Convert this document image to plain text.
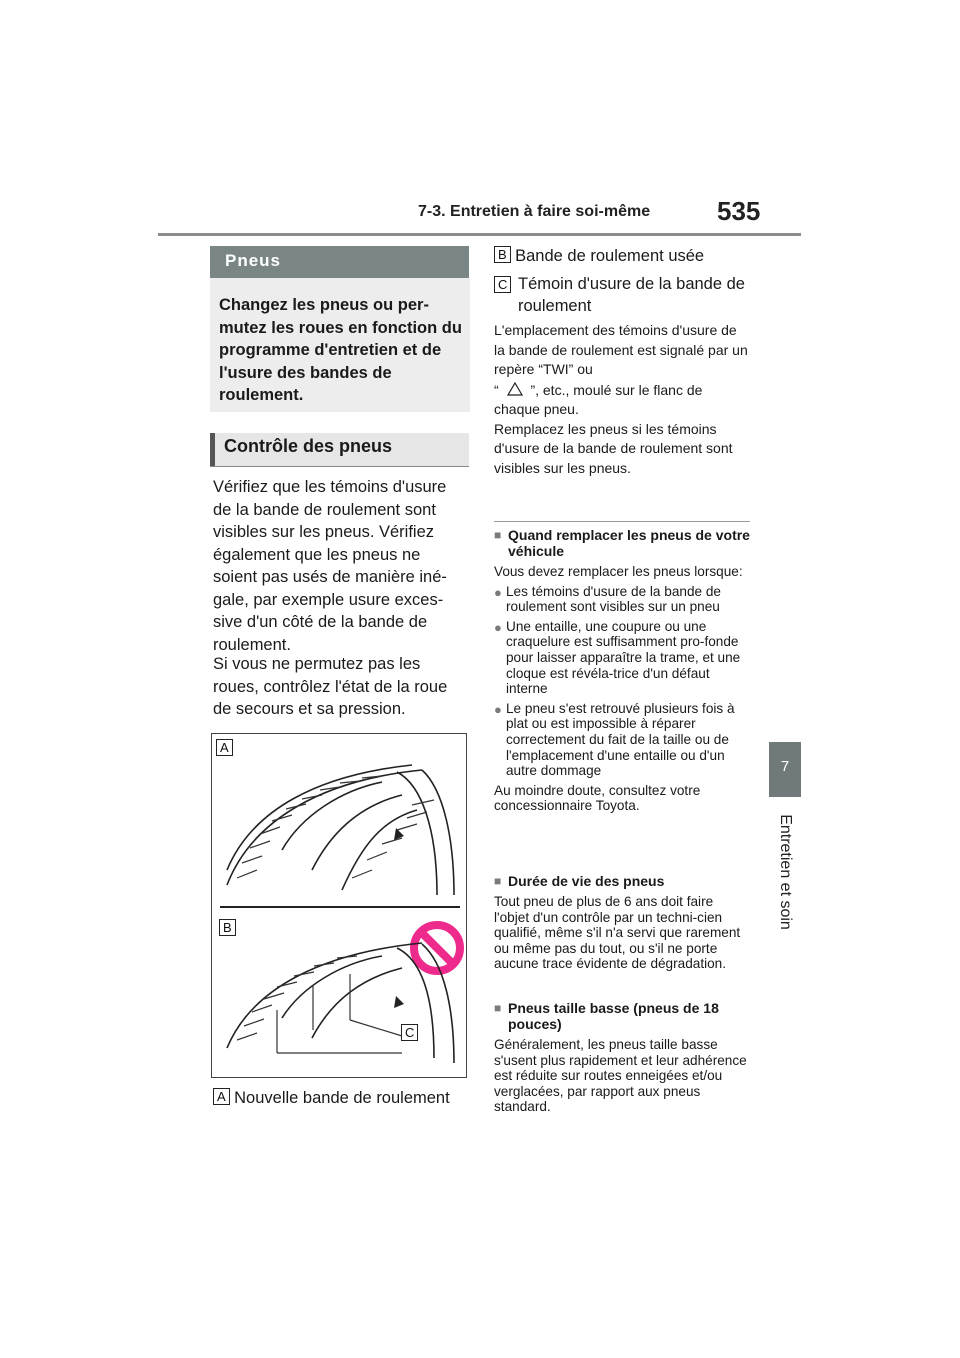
7-3. Entretien à faire soi-même	535
7
Entretien et soin
Pneus
Changez les pneus ou per-mutez les roues en fonction du programme d'entretien et de l'usure des bandes de roulement.
Contrôle des pneus
Vérifiez que les témoins d'usure de la bande de roulement sont visibles sur les pneus. Vérifiez également que les pneus ne soient pas usés de manière iné-gale, par exemple usure exces-sive d'un côté de la bande de roulement.
Si vous ne permutez pas les roues, contrôlez l'état de la roue de secours et sa pression.
A
B
C
A Nouvelle bande de roulement
B Bande de roulement usée
C Témoin d'usure de la bande de roulement
L'emplacement des témoins d'usure de la bande de roulement est signalé par un repère “TWI” ou
“ ”, etc., moulé sur le flanc de chaque pneu.
Remplacez les pneus si les témoins d'usure de la bande de roulement sont visibles sur les pneus.
■ Quand remplacer les pneus de votre véhicule
Vous devez remplacer les pneus lorsque:
● Les témoins d'usure de la bande de roulement sont visibles sur un pneu
● Une entaille, une coupure ou une craquelure est suffisamment pro-fonde pour laisser apparaître la trame, et une cloque est révéla-trice d'un défaut interne
● Le pneu s'est retrouvé plusieurs fois à plat ou est impossible à réparer correctement du fait de la taille ou de l'emplacement d'une entaille ou d'un autre dommage
Au moindre doute, consultez votre concessionnaire Toyota.
■ Durée de vie des pneus
Tout pneu de plus de 6 ans doit faire l'objet d'un contrôle par un techni-cien qualifié, même s'il n'a servi que rarement ou même pas du tout, ou s'il ne porte aucune trace évidente de dégradation.
■ Pneus taille basse (pneus de 18 pouces)
Généralement, les pneus taille basse s'usent plus rapidement et leur adhérence est réduite sur routes enneigées et/ou verglacées, par rapport aux pneus standard.
